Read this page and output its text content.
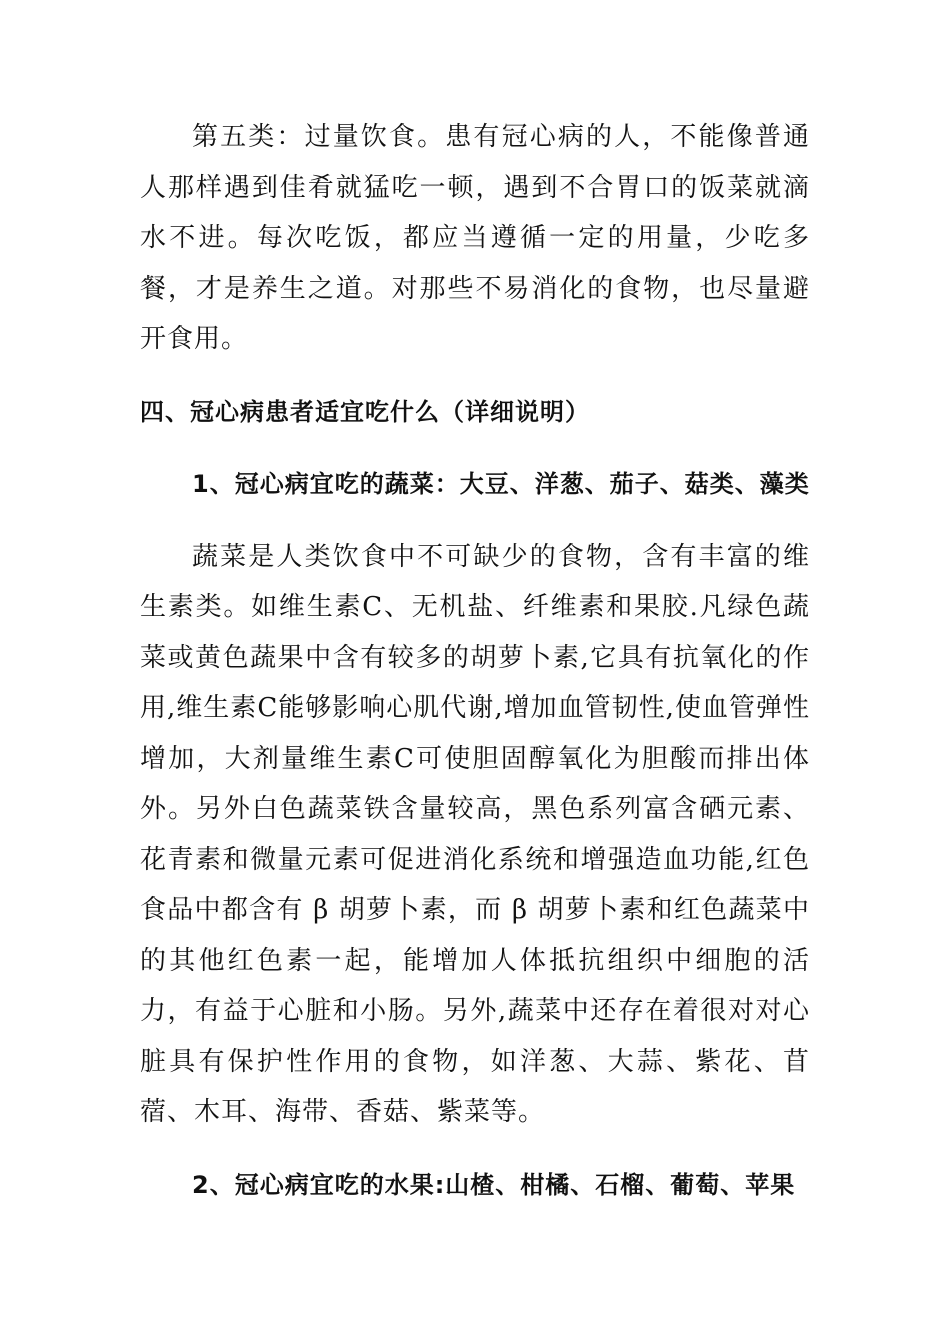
第五类：过量饮食。患有冠心病的人，不能像普通人那样遇到佳肴就猛吃一顿，遇到不合胃口的饭菜就滴水不进。每次吃饭，都应当遵循一定的用量，少吃多餐，才是养生之道。对那些不易消化的食物，也尽量避开食用。

四、冠心病患者适宜吃什么（详细说明）

1、冠心病宜吃的蔬菜：大豆、洋葱、茄子、菇类、藻类

蔬菜是人类饮食中不可缺少的食物，含有丰富的维生素类。如维生素C、无机盐、纤维素和果胶.凡绿色蔬菜或黄色蔬果中含有较多的胡萝卜素,它具有抗氧化的作用,维生素C能够影响心肌代谢,增加血管韧性,使血管弹性增加，大剂量维生素C可使胆固醇氧化为胆酸而排出体外。另外白色蔬菜铁含量较高，黑色系列富含硒元素、花青素和微量元素可促进消化系统和增强造血功能,红色食品中都含有 β 胡萝卜素，而 β 胡萝卜素和红色蔬菜中的其他红色素一起，能增加人体抵抗组织中细胞的活力，有益于心脏和小肠。另外,蔬菜中还存在着很对对心脏具有保护性作用的食物，如洋葱、大蒜、紫花、苜蓿、木耳、海带、香菇、紫菜等。

2、冠心病宜吃的水果:山楂、柑橘、石榴、葡萄、苹果
